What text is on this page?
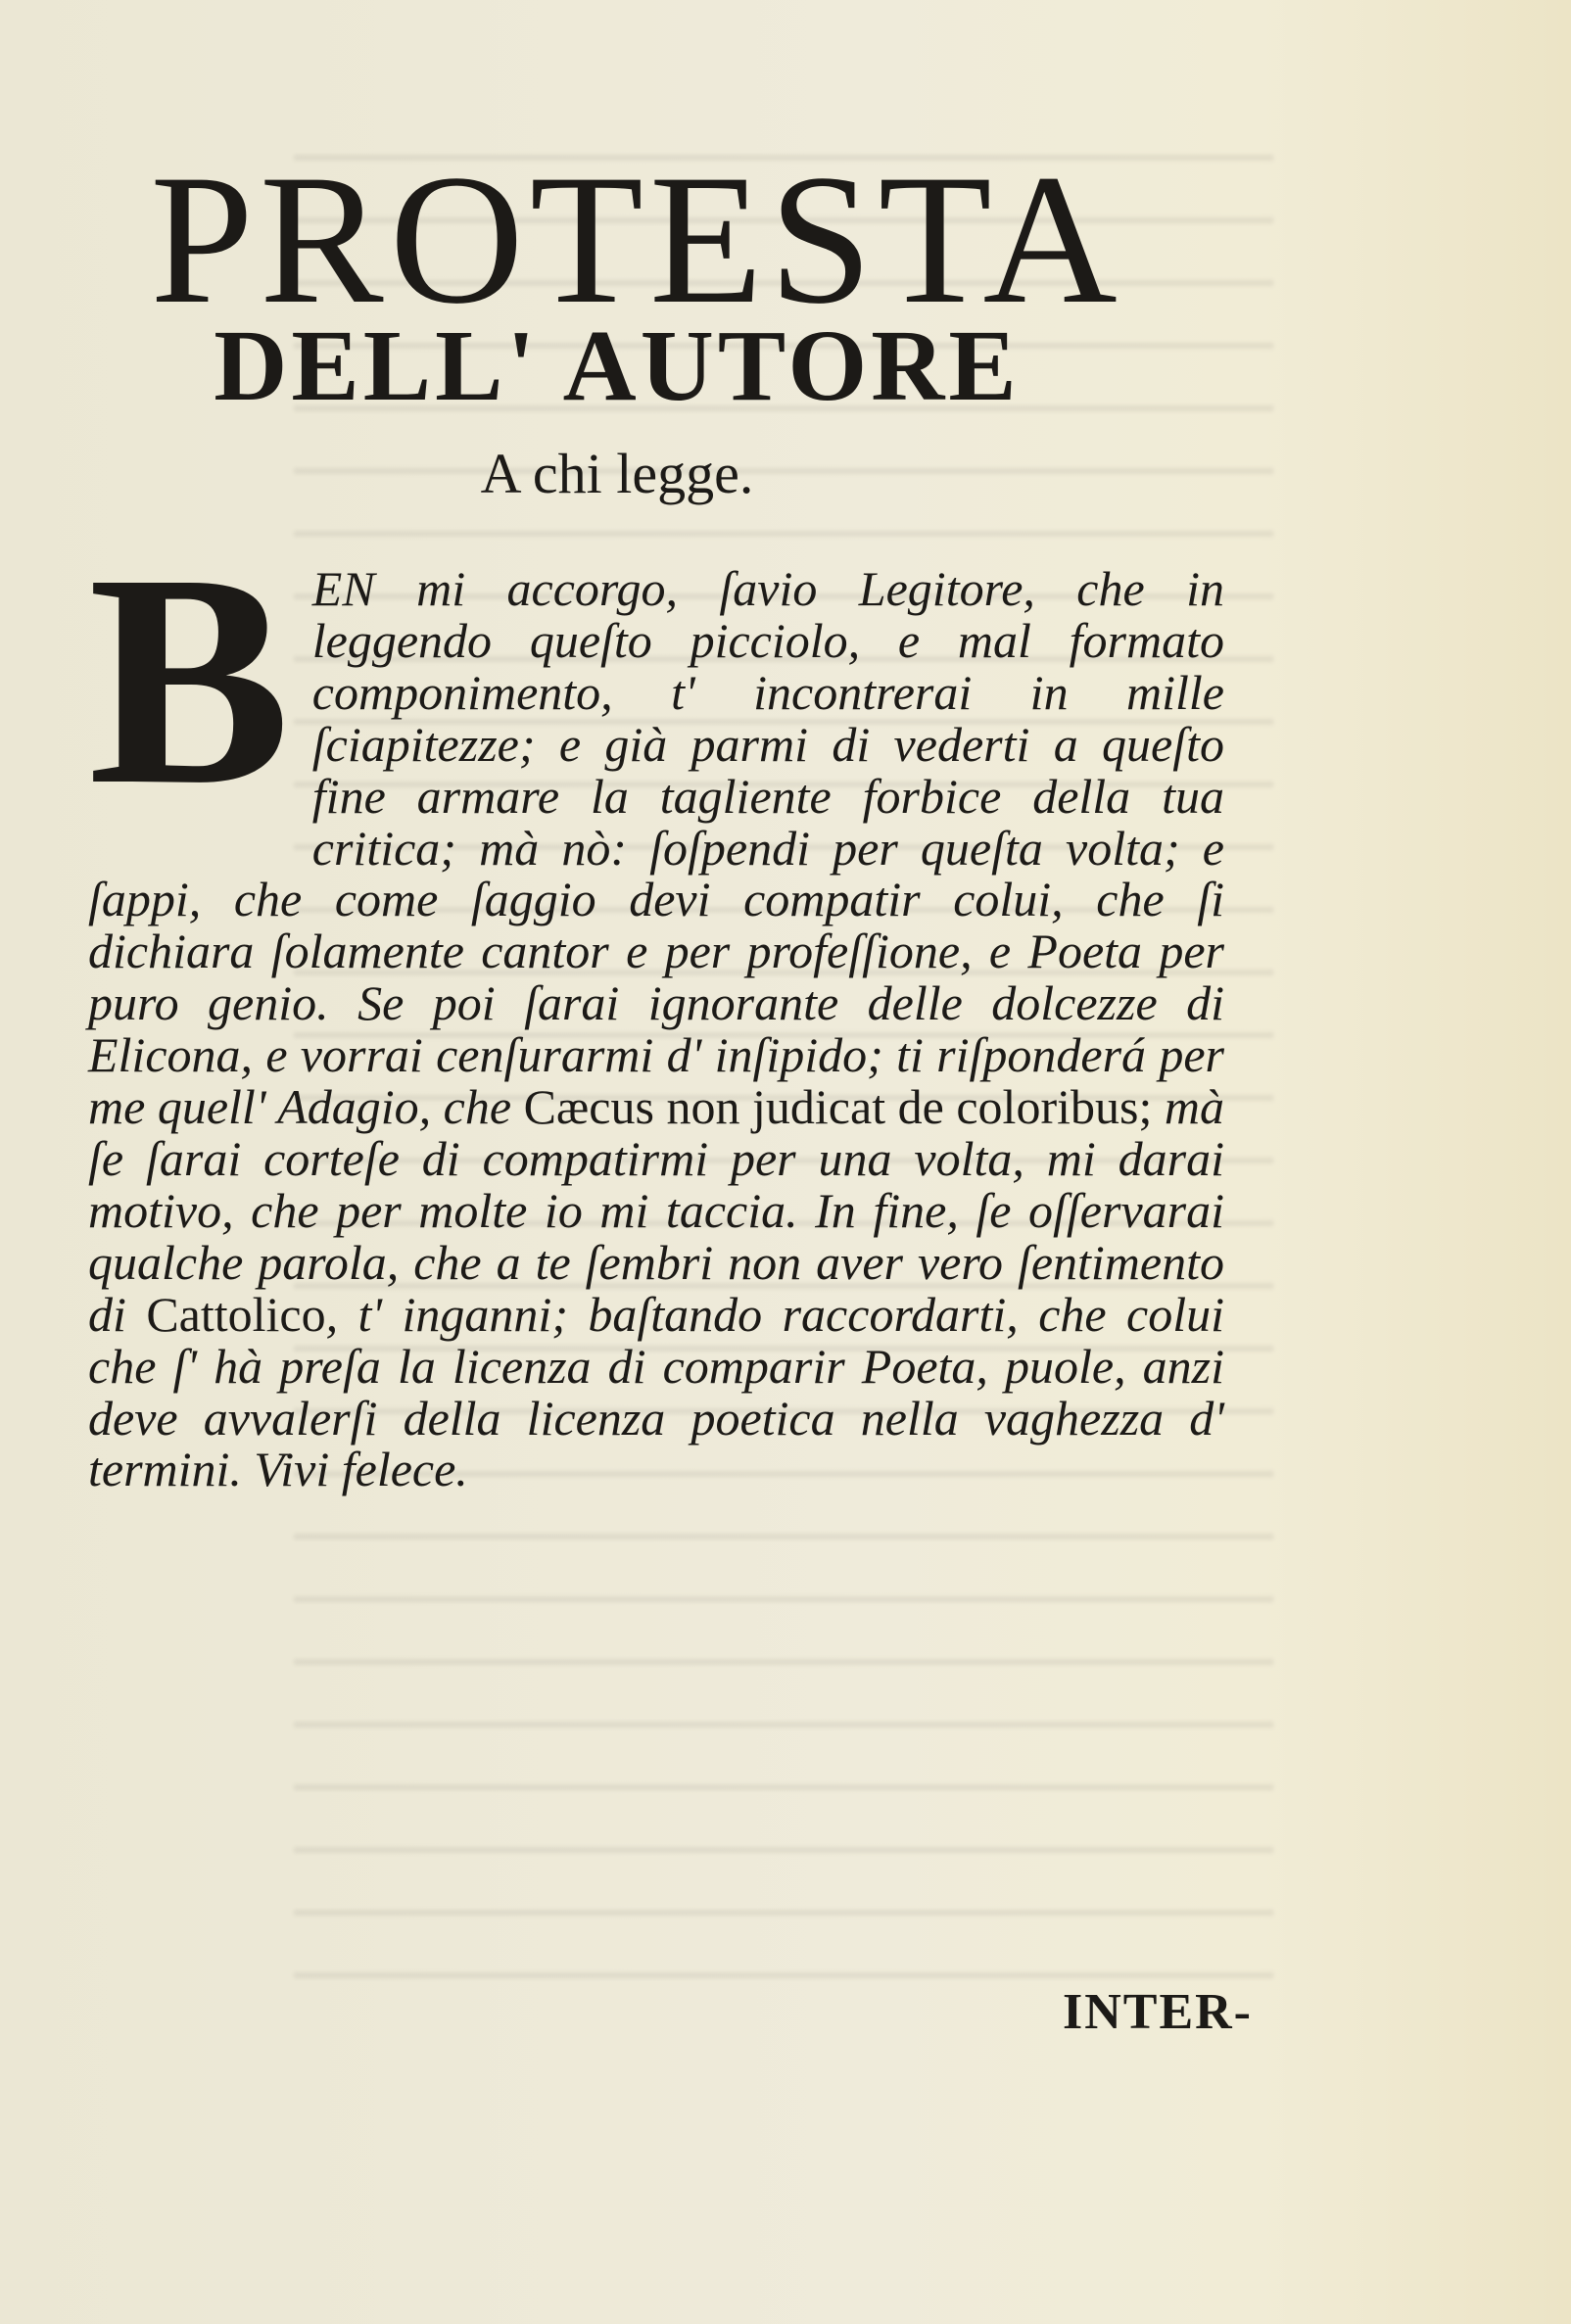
PROTESTA
DELL' AUTORE

A chi legge.

BEN mi accorgo, ſavio Legitore, che in leggendo queſto picciolo, e mal formato componimento, t' incontrerai in mille ſciapitezze; e già parmi di vederti a queſto fine armare la tagliente forbice della tua critica; mà nò: ſoſpendi per queſta volta; e ſappi, che come ſaggio devi compatir colui, che ſi dichiara ſolamente cantor e per profeſſione, e Poeta per puro genio. Se poi ſarai ignorante delle dolcezze di Elicona, e vorrai cenſurarmi d' inſipido; ti riſponderá per me quell' Adagio, che Cæcus non judicat de coloribus; mà ſe ſarai corteſe di compatirmi per una volta, mi darai motivo, che per molte io mi taccia. In fine, ſe oſſervarai qualche parola, che a te ſembri non aver vero ſentimento di Cattolico, t' inganni; baſtando raccordarti, che colui che ſ' hà preſa la licenza di comparir Poeta, puole, anzi deve avvalerſi della licenza poetica nella vaghezza d' termini. Vivi felece.

INTER-
